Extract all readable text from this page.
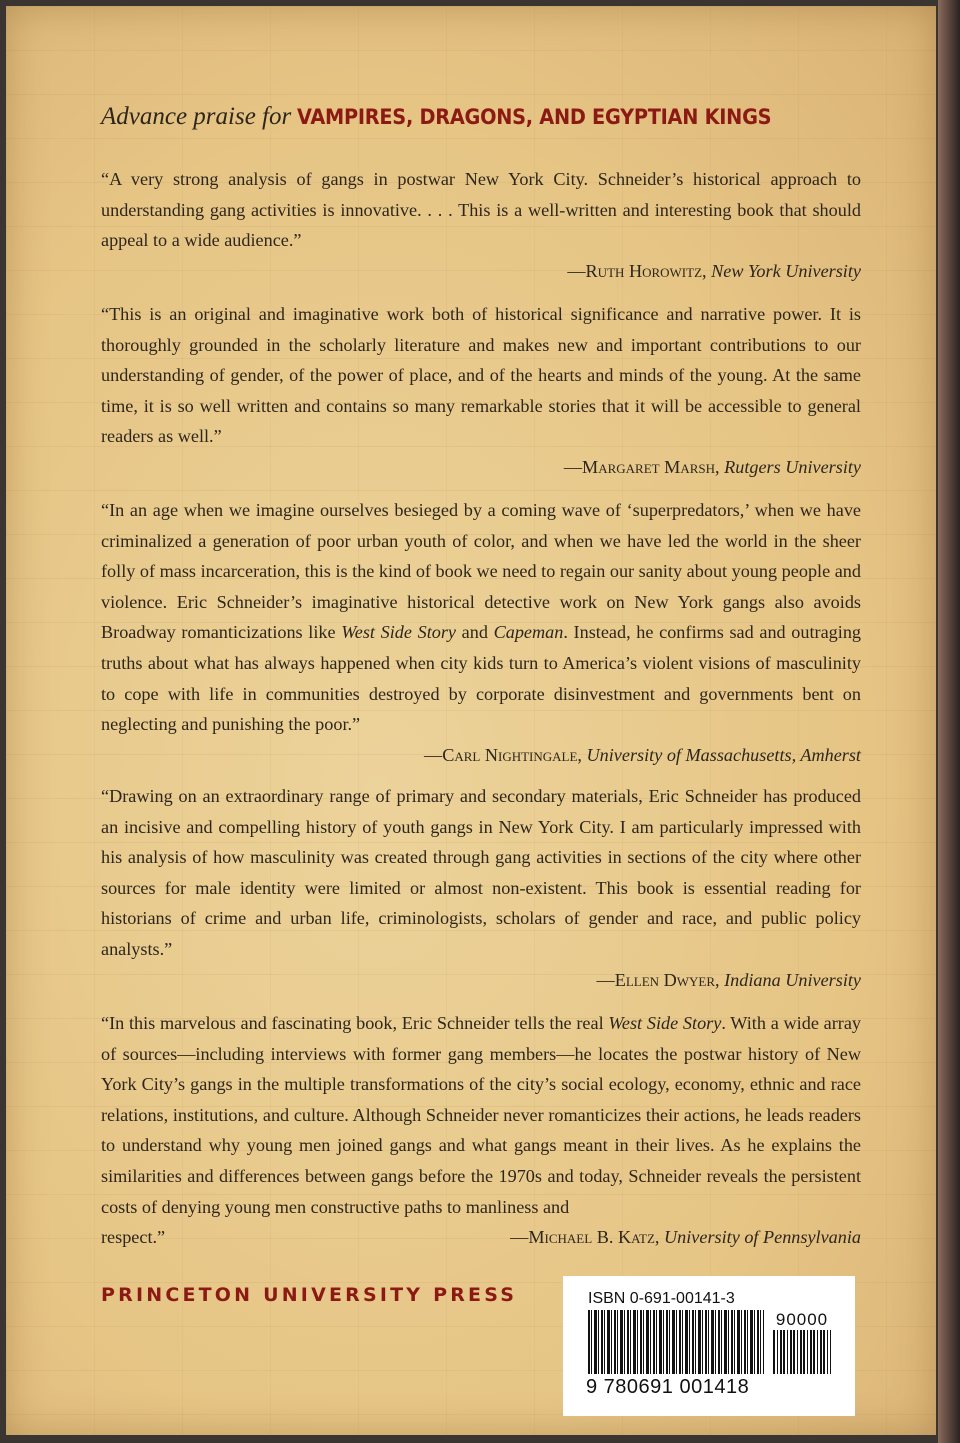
Advance praise for VAMPIRES, DRAGONS, AND EGYPTIAN KINGS
“A very strong analysis of gangs in postwar New York City. Schneider’s historical approach to understanding gang activities is innovative. . . . This is a well-written and interesting book that should appeal to a wide audience.”
—Ruth Horowitz, New York University
“This is an original and imaginative work both of historical significance and narrative power. It is thoroughly grounded in the scholarly literature and makes new and important contributions to our understanding of gender, of the power of place, and of the hearts and minds of the young. At the same time, it is so well written and contains so many remarkable stories that it will be accessible to general readers as well.”
—Margaret Marsh, Rutgers University
“In an age when we imagine ourselves besieged by a coming wave of ‘superpredators,’ when we have criminalized a generation of poor urban youth of color, and when we have led the world in the sheer folly of mass incarceration, this is the kind of book we need to regain our sanity about young people and violence. Eric Schneider’s imaginative historical detective work on New York gangs also avoids Broadway romanticizations like West Side Story and Capeman. Instead, he confirms sad and outraging truths about what has always happened when city kids turn to America’s violent visions of masculinity to cope with life in communities destroyed by corporate disinvestment and governments bent on neglecting and punishing the poor.”
—Carl Nightingale, University of Massachusetts, Amherst
“Drawing on an extraordinary range of primary and secondary materials, Eric Schneider has produced an incisive and compelling history of youth gangs in New York City. I am particularly impressed with his analysis of how masculinity was created through gang activities in sections of the city where other sources for male identity were limited or almost non-existent. This book is essential reading for historians of crime and urban life, criminologists, scholars of gender and race, and public policy analysts.”
—Ellen Dwyer, Indiana University
“In this marvelous and fascinating book, Eric Schneider tells the real West Side Story. With a wide array of sources—including interviews with former gang members—he locates the postwar history of New York City’s gangs in the multiple transformations of the city’s social ecology, economy, ethnic and race relations, institutions, and culture. Although Schneider never romanticizes their actions, he leads readers to understand why young men joined gangs and what gangs meant in their lives. As he explains the similarities and differences between gangs before the 1970s and today, Schneider reveals the persistent costs of denying young men constructive paths to manliness and
respect.”	—Michael B. Katz, University of Pennsylvania
PRINCETON UNIVERSITY PRESS	ISBN 0-691-00141-3
90000
9 780691 001418
